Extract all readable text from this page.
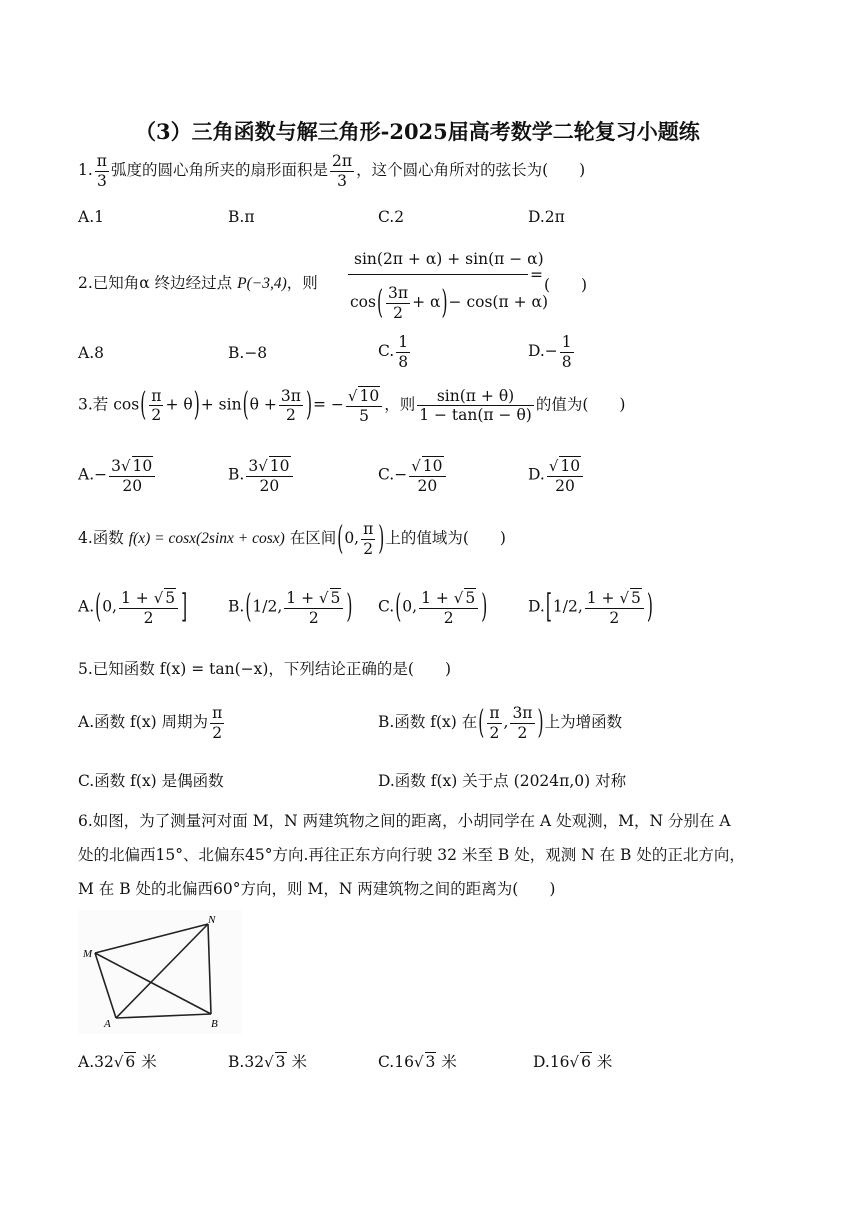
（3）三角函数与解三角形-2025届高考数学二轮复习小题练
1. $\frac{\pi}{3}$ 弧度的圆心角所夹的扇形面积是 $\frac{2\pi}{3}$ ，这个圆心角所对的弦长为(　　)
A.1	B.π	C.2	D.2π
2.已知角α 终边经过点 P(−3,4)，则
sin(2π + α) + sin(π − α)
$\cos( \frac{3\pi}{2} + \alpha)- \cos(\pi + \alpha)$
=
(　　)
A.8	B.−8	C. $\frac{1}{8}$	$D.- \frac{1}{8}$
3.若 $\cos( \frac{\pi}{2} + \theta)+ \sin(\theta + \frac{3\pi}{2}$ )= − $\frac{√ 10}{5}$ ，则 $\frac{\sin(\pi + \theta)}{1 - \tan(\pi - \theta)}$ 的值为(　　)
$A.- \frac{3√ 10}{20}$	B. $\frac{3√ 10}{20}$	$C.- \frac{√ 10}{20}$	D. $\frac{√ 10}{20}$
4.函数 f(x) = cosx(2sinx + cosx) 在区间(0, $\frac{\pi}{2}$ )上的值域为(　　)
A.(0, $\frac{1 + √ 5}{2}$ ]	B.(1/2, $\frac{1 + √ 5}{2}$ ) C.(0, $\frac{1 + √ 5}{2}$ )	D.[1/2, $\frac{1 + √ 5}{2}$ )
5.已知函数 f(x) = tan(−x)，下列结论正确的是(　　)
A.函数 f(x) 周期为 $\frac{\pi}{2}$	B.函数 f(x) 在( $\frac{\pi}{2}$ , $\frac{3\pi}{2}$ )上为增函数
C.函数 f(x) 是偶函数	D.函数 f(x) 关于点 (2024π,0) 对称
6.如图，为了测量河对面 M，N 两建筑物之间的距离，小胡同学在 A 处观测，M，N 分别在 A
处的北偏西15°、北偏东45°方向.再往正东方向行驶 32 米至 B 处，观测 N 在 B 处的正北方向，
M 在 B 处的北偏西60°方向，则 M，N 两建筑物之间的距离为(　　)
M
N
A	B
A.32√ 6 米	B.32√ 3 米	C.16√ 3 米	D.16√ 6 米
